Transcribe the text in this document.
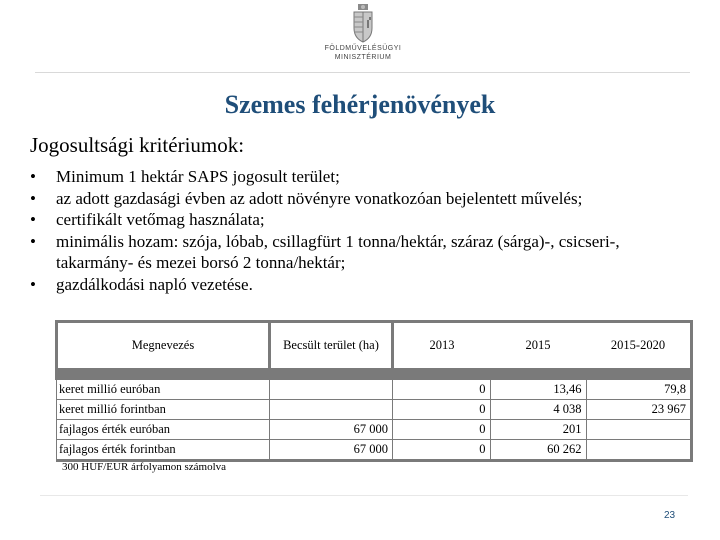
FÖLDMŰVELÉSÜGYI
MINISZTÉRIUM
Szemes fehérjenövények
Jogosultsági kritériumok:
• Minimum 1 hektár SAPS jogosult terület;
• az adott gazdasági évben az adott növényre vonatkozóan bejelentett művelés;
• certifikált vetőmag használata;
• minimális hozam: szója, lóbab, csillagfürt 1 tonna/hektár, száraz (sárga)-, csicseri-,
takarmány- és mezei borsó 2 tonna/hektár;
• gazdálkodási napló vezetése.
Megnevezés	Becsült terület (ha)	2013	2015	2015-2020

keret millió euróban		0	13,46	79,8
keret millió forintban		0	4 038	23 967
fajlagos érték euróban	67 000	0	201	
fajlagos érték forintban	67 000	0	60 262	
300 HUF/EUR árfolyamon számolva
23
